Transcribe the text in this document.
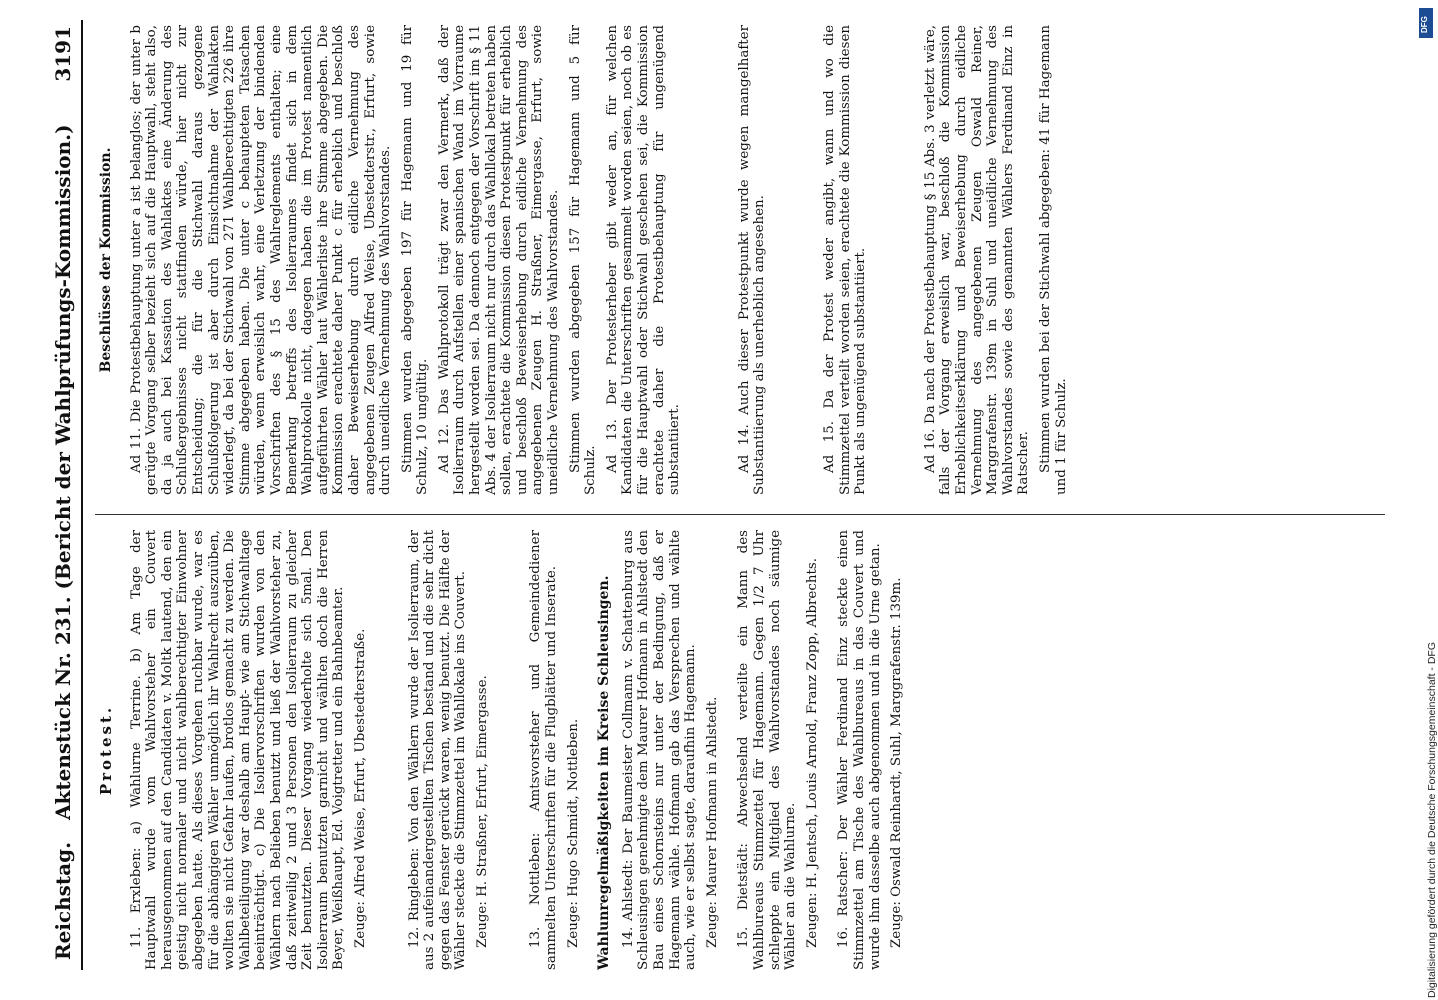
Reichstag.
Aktenstück Nr. 231. (Bericht der Wahlprüfungs-Kommission.)
3191
Protest. 11. Erxleben: a) Wahlurne Terrine. b) Am Tage der Hauptwahl wurde vom Wahlvorsteher ein Couvert herausgenommen auf den Candidaten v. Moltk lautend, den ein geistig nicht normaler und nicht wahlberechtigter Einwohner abgegeben hatte. Als dieses Vorgehen ruchbar wurde, war es für die abhängigen Wähler unmöglich ihr Wahlrecht auszuüben, wollten sie nicht Gefahr laufen, brotlos gemacht zu werden. Die Wahlbeteiligung war deshalb am Haupt- wie am Stichwahltage beeinträchtigt. c) Die Isoliervorschriften wurden von den Wählern nach Belieben benutzt und ließ der Wahlvorsteher zu, daß zeitweilig 2 und 3 Personen den Isolierraum zu gleicher Zeit benutzten. Dieser Vorgang wiederholte sich 5mal. Den Isolierraum benutzten garnicht und wählten doch die Herren Beyer, Weißhaupt, Ed. Voigtretter und ein Bahnbeamter. Zeuge: Alfred Weise, Erfurt, Ubestedterstraße.	12. Ringleben: Von den Wählern wurde der Isolierraum, der aus 2 aufeinandergestellten Tischen bestand und die sehr dicht gegen das Fenster gerückt waren, wenig benutzt. Die Hälfte der Wähler steckte die Stimmzettel im Wahllokale ins Couvert. Zeuge: H. Straßner, Erfurt, Eimergasse.	13. Nottleben: Amtsvorsteher und Gemeindediener sammelten Unterschriften für die Flugblätter und Inserate. Zeuge: Hugo Schmidt, Nottleben. Wahlunregelmäßigkeiten im Kreise Schleusingen. 14. Ahlstedt: Der Baumeister Collmann v. Schattenburg aus Schleusingen genehmigte dem Maurer Hofmann in Ahlstedt den Bau eines Schornsteins nur unter der Bedingung, daß er Hagemann wähle. Hofmann gab das Versprechen und wählte auch, wie er selbst sagte, daraufhin Hagemann. Zeuge: Maurer Hofmann in Ahlstedt. 15. Dietstädt: Abwechselnd verteilte ein Mann des Wahlbureaus Stimmzettel für Hagemann. Gegen 1/2 7 Uhr schleppte ein Mitglied des Wahlvorstandes noch säumige Wähler an die Wahlurne. Zeugen: H. Jentsch, Louis Arnold, Franz Zopp, Albrechts. 16. Ratscher: Der Wähler Ferdinand Einz steckte einen Stimmzettel am Tische des Wahlbureaus in das Couvert und wurde ihm dasselbe auch abgenommen und in die Urne getan. Zeuge: Oswald Reinhardt, Suhl, Marggrafenstr. 139m.

Beschlüsse der Kommission. Ad 11. Die Protestbehauptung unter a ist belanglos; der unter b gerügte Vorgang selber bezieht sich auf die Hauptwahl, steht also, da ja auch bei Kassation des Wahlaktes eine Änderung des Schlußergebnisses nicht stattfinden würde, hier nicht zur Entscheidung; die für die Stichwahl daraus gezogene Schlußfolgerung ist aber durch Einsichtnahme der Wahlakten widerlegt, da bei der Stichwahl von 271 Wahlberechtigten 226 ihre Stimme abgegeben haben. Die unter c behaupteten Tatsachen würden, wenn erweislich wahr, eine Verletzung der bindenden Vorschriften des § 15 des Wahlreglements enthalten; eine Bemerkung betreffs des Isolierraumes findet sich in dem Wahlprotokolle nicht, dagegen haben die im Protest namentlich aufgeführten Wähler laut Wählerliste ihre Stimme abgegeben. Die Kommission erachtete daher Punkt c für erheblich und beschloß daher Beweiserhebung durch eidliche Vernehmung des angegebenen Zeugen Alfred Weise, Ubestedterstr., Erfurt, sowie durch uneidliche Vernehmung des Wahlvorstandes. Stimmen wurden abgegeben 197 für Hagemann und 19 für Schulz, 10 ungültig. Ad 12. Das Wahlprotokoll trägt zwar den Vermerk, daß der Isolierraum durch Aufstellen einer spanischen Wand im Vorraume hergestellt worden sei. Da dennoch entgegen der Vorschrift im § 11 Abs. 4 der Isolierraum nicht nur durch das Wahllokal betreten haben sollen, erachtete die Kommission diesen Protestpunkt für erheblich und beschloß Beweiserhebung durch eidliche Vernehmung des angegebenen Zeugen H. Straßner, Eimergasse, Erfurt, sowie uneidliche Vernehmung des Wahlvorstandes. Stimmen wurden abgegeben 157 für Hagemann und 5 für Schulz. Ad 13. Der Protesterheber gibt weder an, für welchen Kandidaten die Unterschriften gesammelt worden seien, noch ob es für die Hauptwahl oder Stichwahl geschehen sei, die Kommission erachtete daher die Protestbehauptung für ungenügend substantiiert.	Ad 14. Auch dieser Protestpunkt wurde wegen mangelhafter Substantiierung als unerheblich angesehen.	Ad 15. Da der Protest weder angibt, wann und wo die Stimmzettel verteilt worden seien, erachtete die Kommission diesen Punkt als ungenügend substantiiert.	Ad 16. Da nach der Protestbehauptung § 15 Abs. 3 verletzt wäre, falls der Vorgang erweislich war, beschloß die Kommission Erheblichkeitserklärung und Beweiserhebung durch eidliche Vernehmung des angegebenen Zeugen Oswald Reiner, Marggrafenstr. 139m in Suhl und uneidliche Vernehmung des Wahlvorstandes sowie des genannten Wählers Ferdinand Einz in Ratscher. Stimmen wurden bei der Stichwahl abgegeben: 41 für Hagemann und 1 für Schulz.

Digitalisierung gefördert durch die Deutsche Forschungsgemeinschaft - DFG
DFG
